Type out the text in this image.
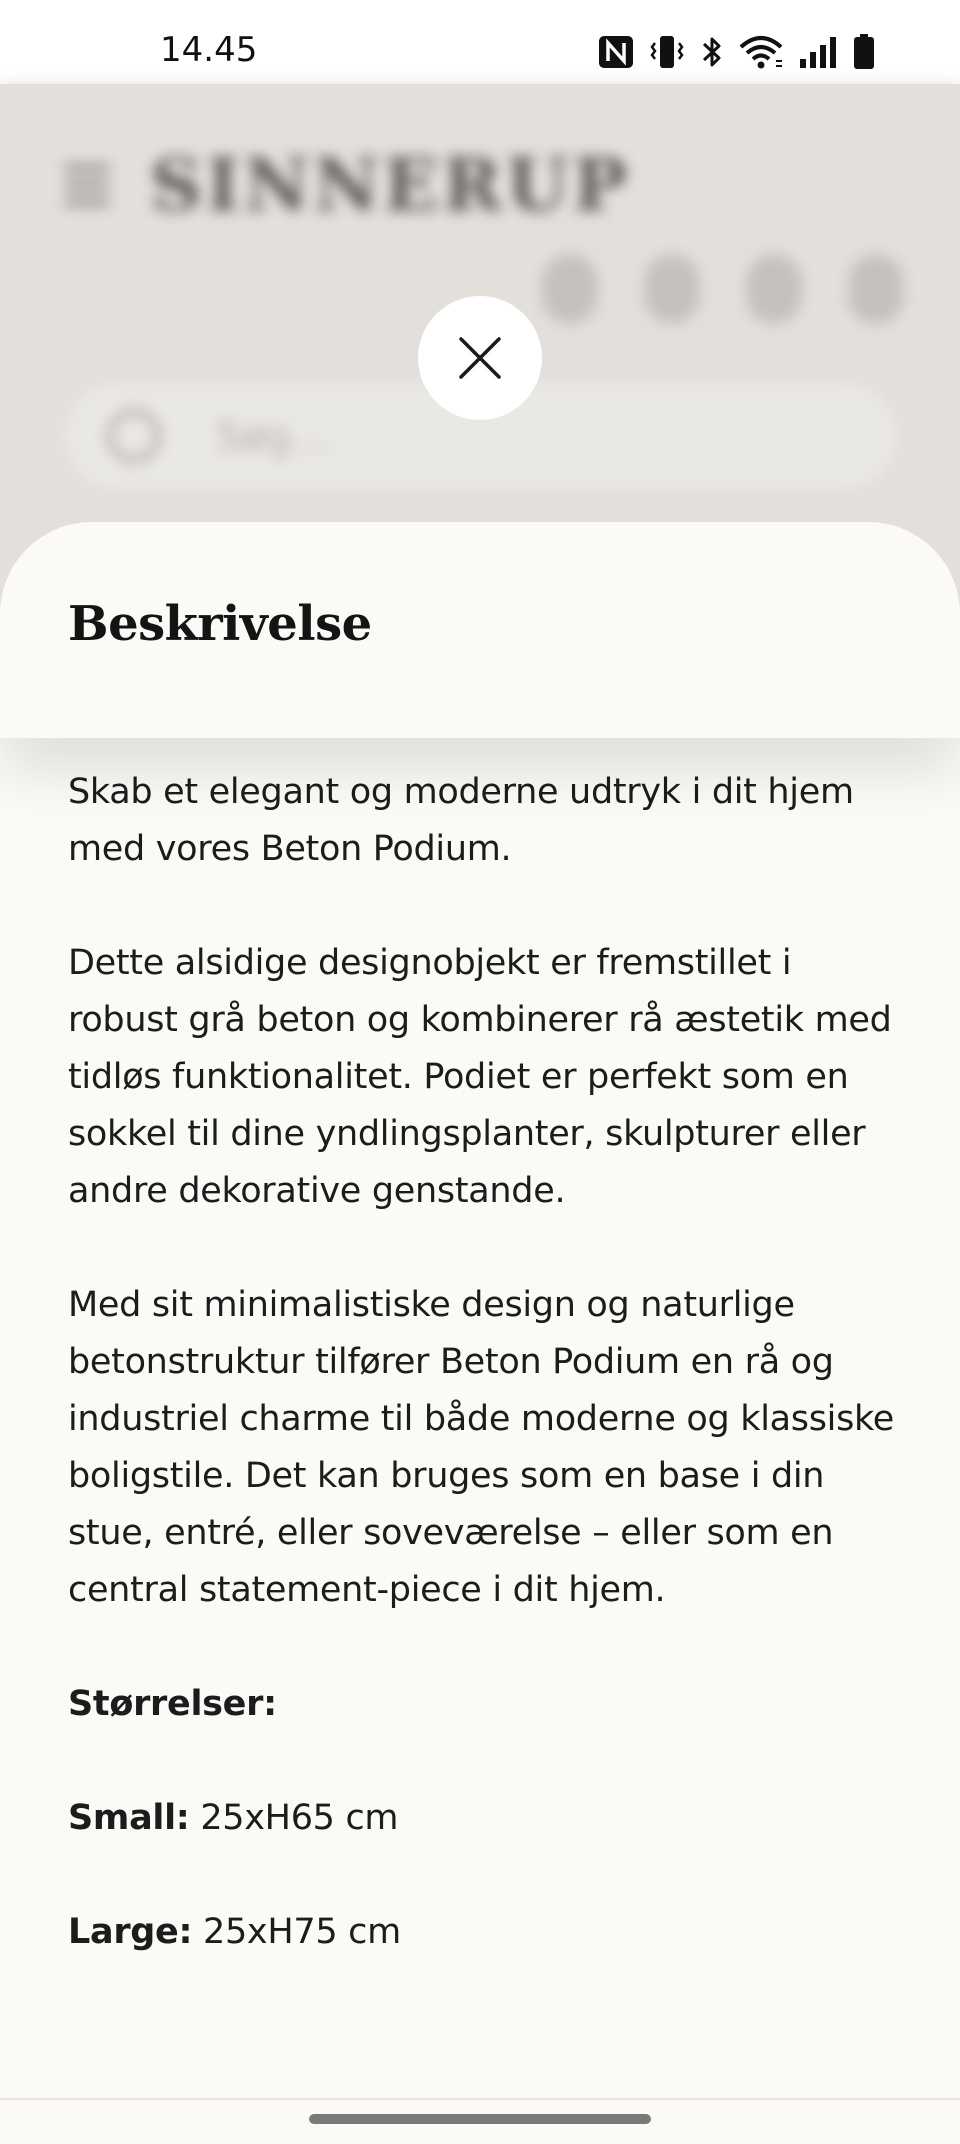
14.45
SINNERUP
Søg...
Beskrivelse

Skab et elegant og moderne udtryk i dit hjem med vores Beton Podium.

Dette alsidige designobjekt er fremstillet i robust grå beton og kombinerer rå æstetik med tidløs funktionalitet. Podiet er perfekt som en sokkel til dine yndlingsplanter, skulpturer eller andre dekorative genstande.

Med sit minimalistiske design og naturlige betonstruktur tilfører Beton Podium en rå og industriel charme til både moderne og klassiske boligstile. Det kan bruges som en base i din stue, entré, eller soveværelse – eller som en central statement-piece i dit hjem.

Størrelser:

Small: 25xH65 cm

Large: 25xH75 cm
